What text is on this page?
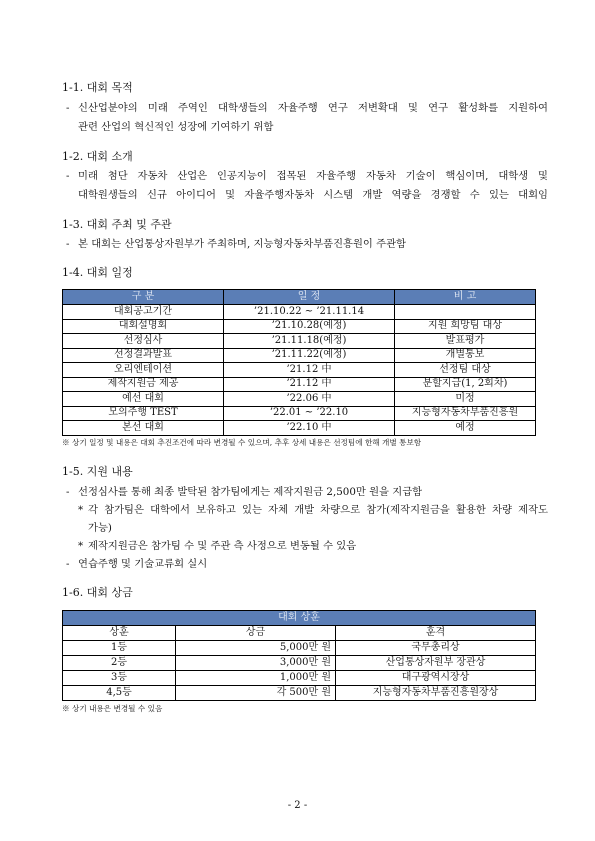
1-1. 대회 목적
- 신산업분야의 미래 주역인 대학생들의 자율주행 연구 저변확대 및 연구 활성화를 지원하여
관련 산업의 혁신적인 성장에 기여하기 위함
1-2. 대회 소개
- 미래 첨단 자동차 산업은 인공지능이 접목된 자율주행 자동차 기술이 핵심이며, 대학생 및
대학원생들의 신규 아이디어 및 자율주행자동차 시스템 개발 역량을 경쟁할 수 있는 대회임
1-3. 대회 주최 및 주관
- 본 대회는 산업통상자원부가 주최하며, 지능형자동차부품진흥원이 주관함
1-4. 대회 일정
구 분	일 정	비 고
대회공고기간	’21.10.22 ~ ’21.11.14	
대회설명회	’21.10.28(예정)	지원 희망팀 대상
선정심사	’21.11.18(예정)	발표평가
선정결과발표	’21.11.22(예정)	개별통보
오리엔테이션	’21.12 中	선정팀 대상
제작지원금 제공	’21.12 中	분할지급(1, 2회차)
예선 대회	’22.06 中	미정
모의주행 TEST	’22.01 ~ ’22.10	지능형자동차부품진흥원
본선 대회	’22.10 中	예정
※ 상기 일정 및 내용은 대회 추진조건에 따라 변경될 수 있으며, 추후 상세 내용은 선정팀에 한해 개별 통보함
1-5. 지원 내용
- 선정심사를 통해 최종 발탁된 참가팀에게는 제작지원금 2,500만 원을 지급함
* 각 참가팀은 대학에서 보유하고 있는 자체 개발 차량으로 참가(제작지원금을 활용한 차량 제작도
가능)
* 제작지원금은 참가팀 수 및 주관 측 사정으로 변동될 수 있음
- 연습주행 및 기술교류회 실시
1-6. 대회 상금
대회 상훈		
상훈	상금	훈격
1등	5,000만 원	국무총리상
2등	3,000만 원	산업통상자원부 장관상
3등	1,000만 원	대구광역시장상
4,5등	각 500만 원	지능형자동차부품진흥원장상
※ 상기 내용은 변경될 수 있음
- 2 -
